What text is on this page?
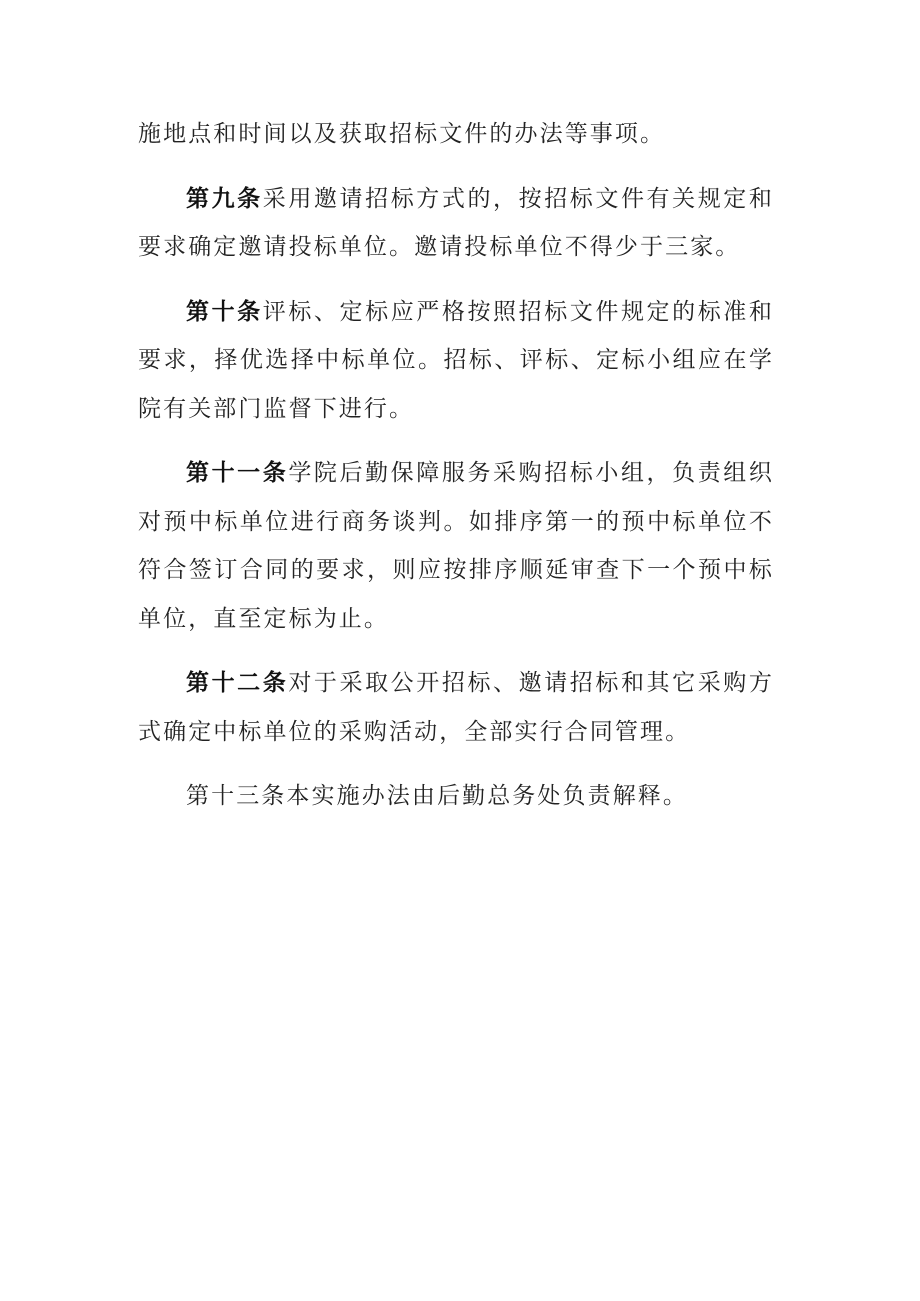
施地点和时间以及获取招标文件的办法等事项。

第九条采用邀请招标方式的，按招标文件有关规定和要求确定邀请投标单位。邀请投标单位不得少于三家。

第十条评标、定标应严格按照招标文件规定的标准和要求，择优选择中标单位。招标、评标、定标小组应在学院有关部门监督下进行。

第十一条学院后勤保障服务采购招标小组，负责组织对预中标单位进行商务谈判。如排序第一的预中标单位不符合签订合同的要求，则应按排序顺延审查下一个预中标单位，直至定标为止。

第十二条对于采取公开招标、邀请招标和其它采购方式确定中标单位的采购活动，全部实行合同管理。

第十三条本实施办法由后勤总务处负责解释。
